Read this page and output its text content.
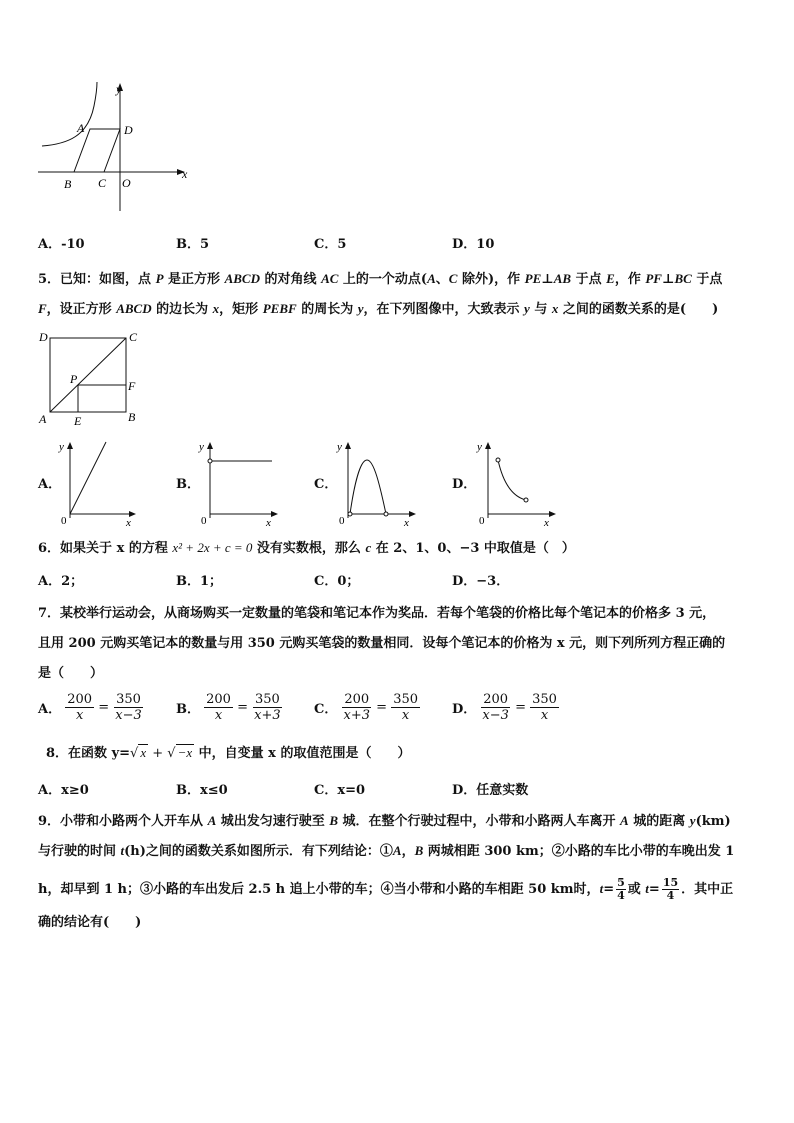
y
x
A	D
B C O
A．-10	B．5	C．5	D．10
5．已知：如图，点 P 是正方形 ABCD 的对角线 AC 上的一个动点(A、C 除外)，作 PE⊥AB 于点 E，作 PF⊥BC 于点
F，设正方形 ABCD 的边长为 x，矩形 PEBF 的周长为 y，在下列图像中，大致表示 y 与 x 之间的函数关系的是(　　)
D	C
P	F
A E	B
A．
y
x
0
B．
y
x
0
C．
y
x
0
D．
y
x
0
6．如果关于 x 的方程 x² + 2x + c = 0 没有实数根，那么 c 在 2、1、0、−3 中取值是（　）
A．2；	B．1；	C．0；	D．−3．
7．某校举行运动会，从商场购买一定数量的笔袋和笔记本作为奖品．若每个笔袋的价格比每个笔记本的价格多 3 元，
且用 200 元购买笔记本的数量与用 350 元购买笔袋的数量相同．设每个笔记本的价格为 x 元，则下列所列方程正确的
是（　　）
A． $\frac{200}{x} = \frac{350}{x-3}$ B． $\frac{200}{x} = \frac{350}{x+3}$ C． $\frac{200}{x+3} = \frac{350}{x}$ D． $\frac{200}{x-3} = \frac{350}{x}$
8．在函数 y=√ x + √ −x 中，自变量 x 的取值范围是（　　）
A．x≥0	B．x≤0	C．x=0	D．任意实数
9．小带和小路两个人开车从 A 城出发匀速行驶至 B 城．在整个行驶过程中，小带和小路两人车离开 A 城的距离 y(km)
与行驶的时间 t(h)之间的函数关系如图所示．有下列结论：①A，B 两城相距 300 km；②小路的车比小带的车晚出发 1
h，却早到 1 h；③小路的车出发后 2.5 h 追上小带的车；④当小带和小路的车相距 50 km时，$t= \frac{5}{4}$ 或 $t= \frac{15}{4}$ ．其中正
确的结论有(　　)
